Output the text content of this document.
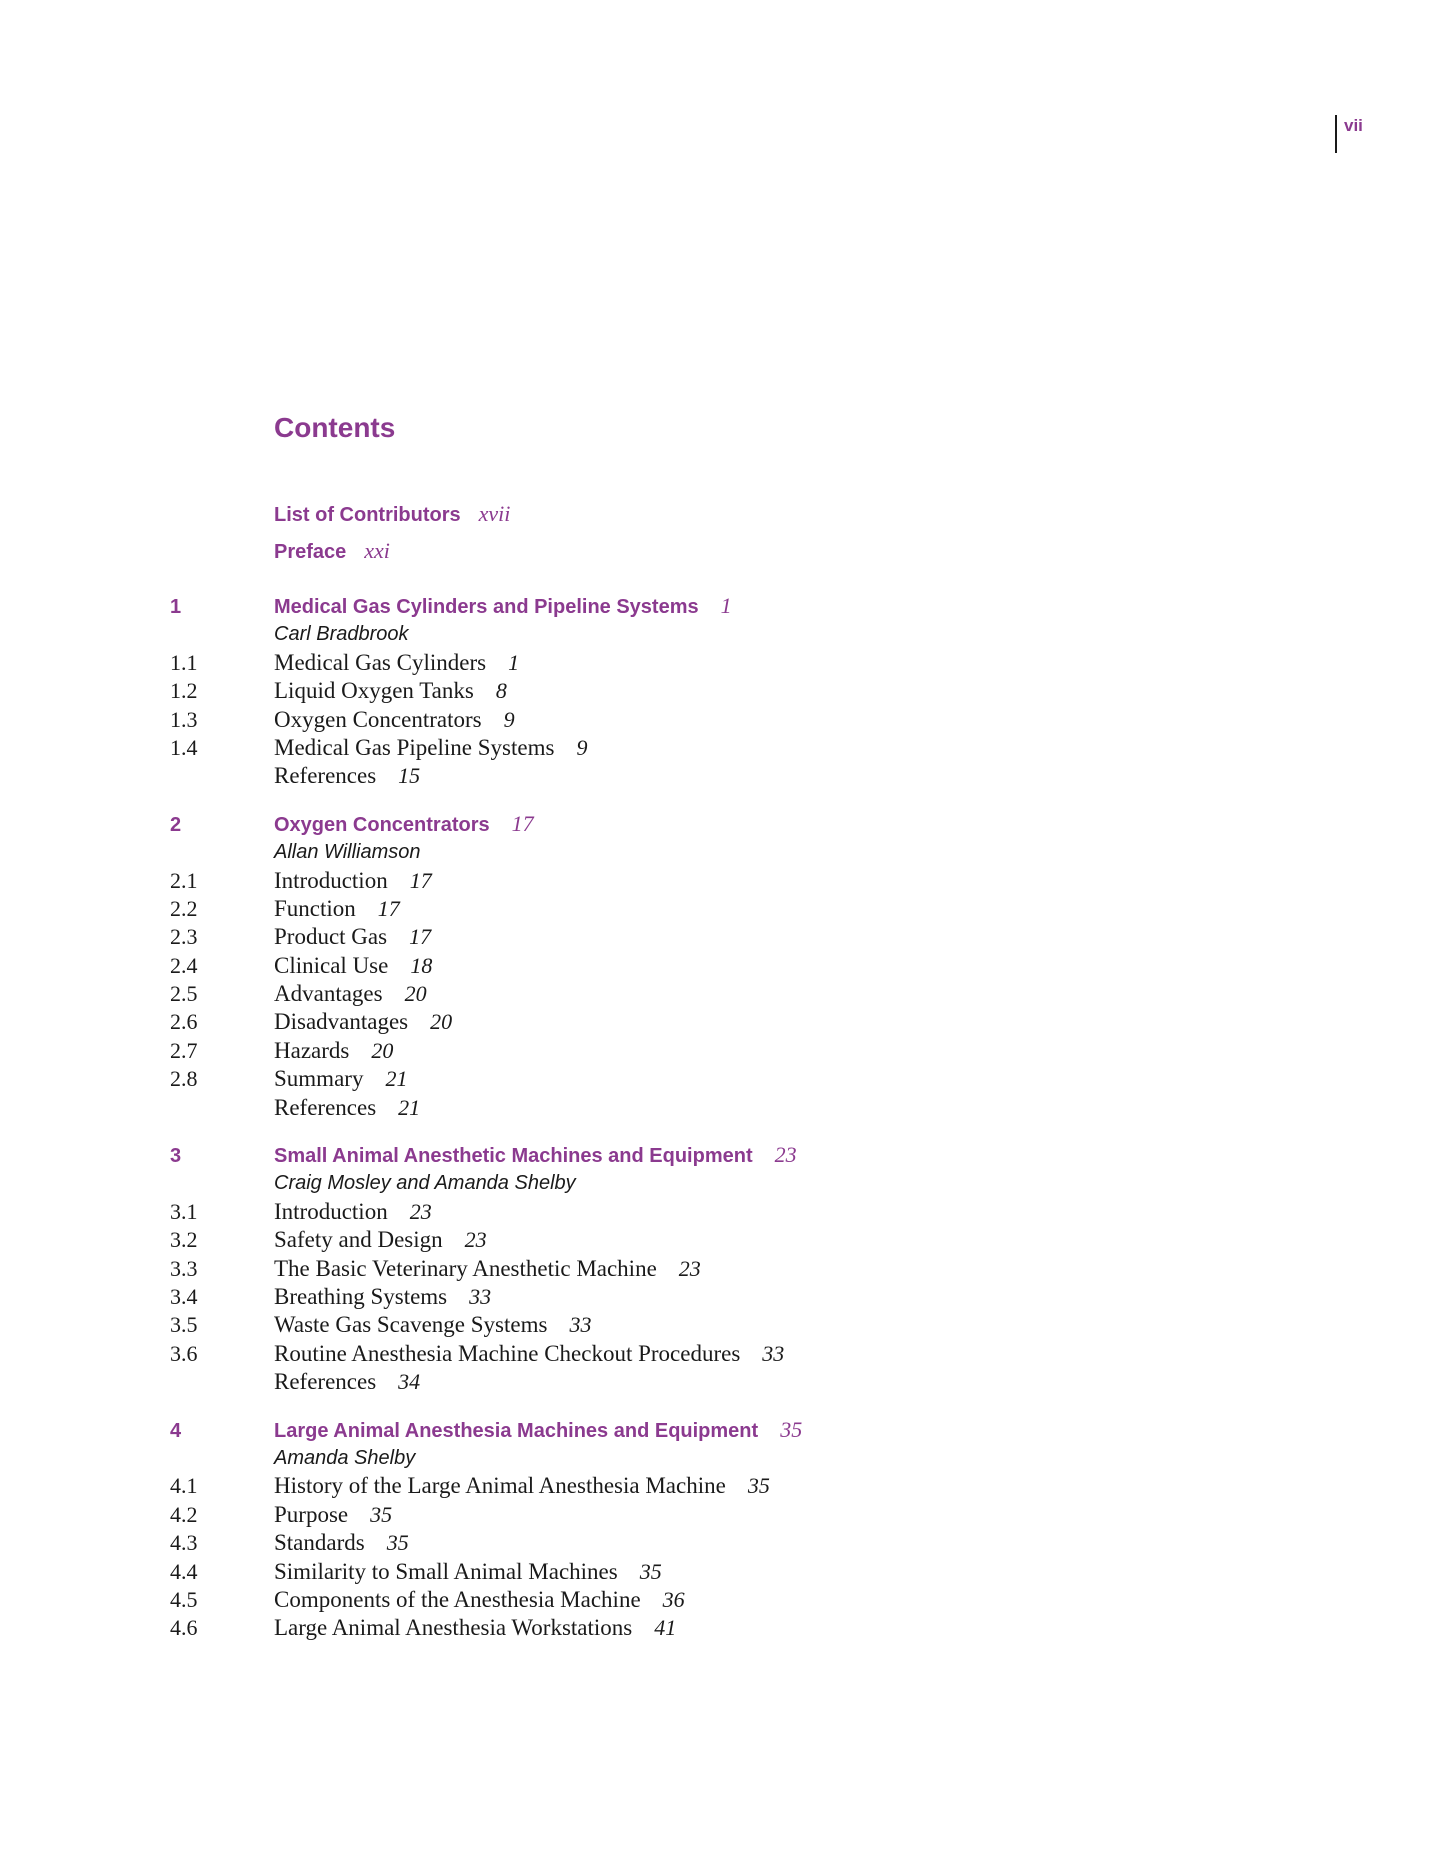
vii
Contents
List of Contributors xvii
Preface xxi
1	Medical Gas Cylinders and Pipeline Systems 1
Carl Bradbrook
1.1	Medical Gas Cylinders 1
1.2	Liquid Oxygen Tanks 8
1.3	Oxygen Concentrators 9
1.4	Medical Gas Pipeline Systems 9
References 15
2	Oxygen Concentrators 17
Allan Williamson
2.1	Introduction 17
2.2	Function 17
2.3	Product Gas 17
2.4	Clinical Use 18
2.5	Advantages 20
2.6	Disadvantages 20
2.7	Hazards 20
2.8	Summary 21
References 21
3	Small Animal Anesthetic Machines and Equipment 23
Craig Mosley and Amanda Shelby
3.1	Introduction 23
3.2	Safety and Design 23
3.3	The Basic Veterinary Anesthetic Machine 23
3.4	Breathing Systems 33
3.5	Waste Gas Scavenge Systems 33
3.6	Routine Anesthesia Machine Checkout Procedures 33
References 34
4	Large Animal Anesthesia Machines and Equipment 35
Amanda Shelby
4.1	History of the Large Animal Anesthesia Machine 35
4.2	Purpose 35
4.3	Standards 35
4.4	Similarity to Small Animal Machines 35
4.5	Components of the Anesthesia Machine 36
4.6	Large Animal Anesthesia Workstations 41
